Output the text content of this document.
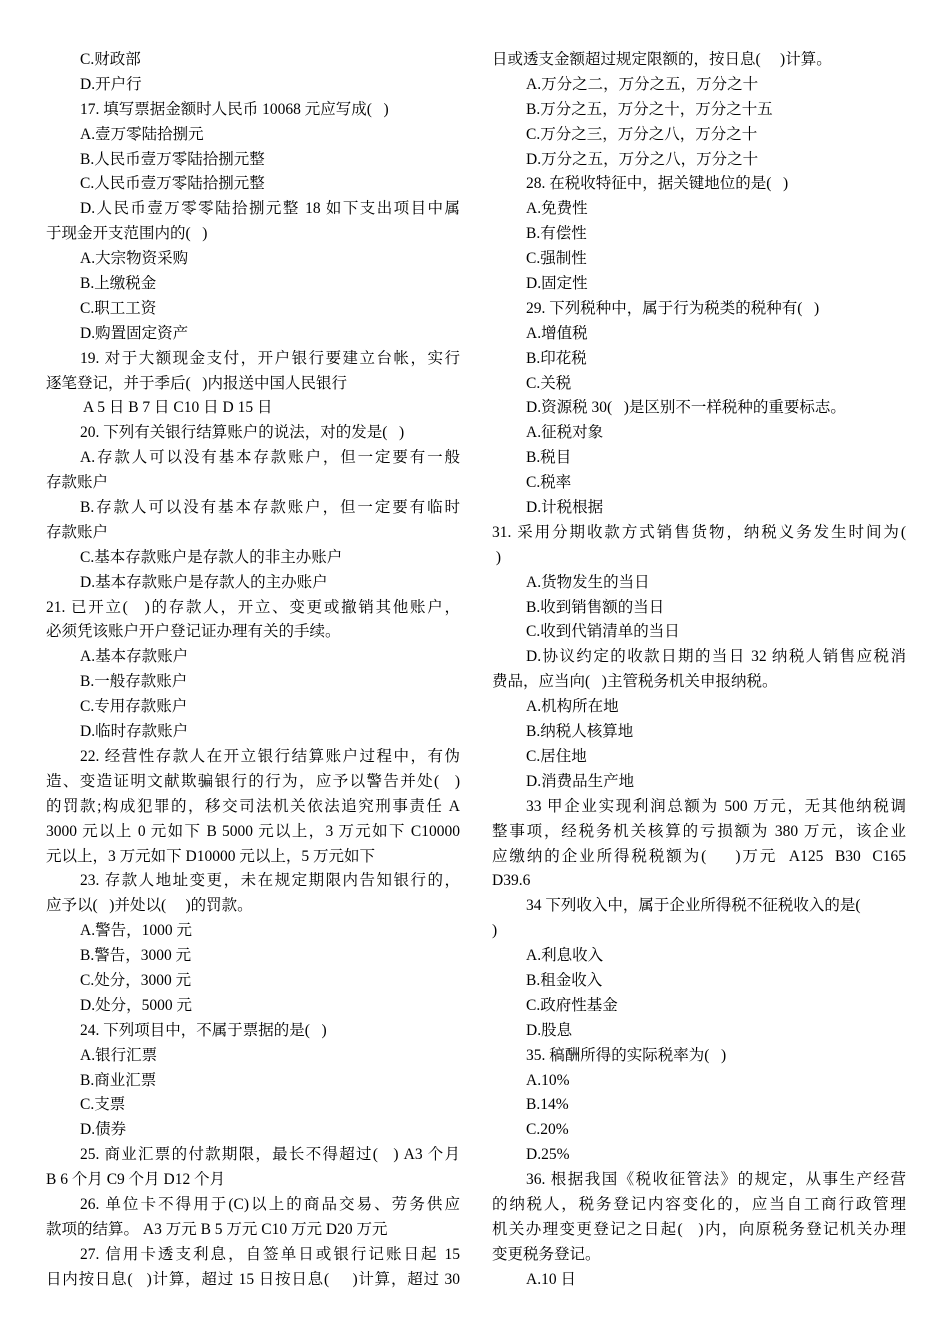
C.财政部
D.开户行
17. 填写票据金额时人民币 10068 元应写成(   )
A.壹万零陆拾捌元
B.人民币壹万零陆拾捌元整
C.人民币壹万零陆拾捌元整
D.人民币壹万零零陆拾捌元整 18 如下支出项目中属
于现金开支范围内的(   )
A.大宗物资采购
B.上缴税金
C.职工工资
D.购置固定资产
19. 对于大额现金支付，开户银行要建立台帐，实行
逐笔登记，并于季后(   )内报送中国人民银行
A 5 日 B 7 日 C10 日 D 15 日
20. 下列有关银行结算账户的说法，对的发是(   )
A.存款人可以没有基本存款账户，但一定要有一般
存款账户
B.存款人可以没有基本存款账户，但一定要有临时
存款账户
C.基本存款账户是存款人的非主办账户
D.基本存款账户是存款人的主办账户
21. 已开立(   )的存款人，开立、变更或撤销其他账户，
必须凭该账户开户登记证办理有关的手续。
A.基本存款账户
B.一般存款账户
C.专用存款账户
D.临时存款账户
22. 经营性存款人在开立银行结算账户过程中，有伪
造、变造证明文献欺骗银行的行为，应予以警告并处(   )
的罚款;构成犯罪的，移交司法机关依法追究刑事责任 A
3000 元以上 0 元如下 B 5000 元以上，3 万元如下 C10000
元以上，3 万元如下 D10000 元以上，5 万元如下
23. 存款人地址变更，未在规定期限内告知银行的，
应予以(   )并处以(     )的罚款。
A.警告，1000 元
B.警告，3000 元
C.处分，3000 元
D.处分，5000 元
24. 下列项目中，不属于票据的是(   )
A.银行汇票
B.商业汇票
C.支票
D.债券
25. 商业汇票的付款期限，最长不得超过(   ) A3 个月
B 6 个月 C9 个月 D12 个月
26. 单位卡不得用于(C)以上的商品交易、劳务供应
款项的结算。 A3 万元 B 5 万元 C10 万元 D20 万元
27. 信用卡透支利息，自签单日或银行记账日起 15
日内按日息(   )计算，超过 15 日按日息(     )计算，超过 30
日或透支金额超过规定限额的，按日息(     )计算。
A.万分之二，万分之五，万分之十
B.万分之五，万分之十，万分之十五
C.万分之三，万分之八，万分之十
D.万分之五，万分之八，万分之十
28. 在税收特征中，据关键地位的是(   )
A.免费性
B.有偿性
C.强制性
D.固定性
29. 下列税种中，属于行为税类的税种有(   )
A.增值税
B.印花税
C.关税
D.资源税 30(   )是区别不一样税种的重要标志。
A.征税对象
B.税目
C.税率
D.计税根据
31. 采用分期收款方式销售货物，纳税义务发生时间为(
)
A.货物发生的当日
B.收到销售额的当日
C.收到代销清单的当日
D.协议约定的收款日期的当日 32 纳税人销售应税消
费品，应当向(   )主管税务机关申报纳税。
A.机构所在地
B.纳税人核算地
C.居住地
D.消费品生产地
33 甲企业实现利润总额为 500 万元，无其他纳税调
整事项，经税务机关核算的亏损额为 380 万元，该企业
应缴纳的企业所得税税额为(     )万元  A125  B30  C165
D39.6
34 下列收入中，属于企业所得税不征税收入的是(
)
A.利息收入
B.租金收入
C.政府性基金
D.股息
35. 稿酬所得的实际税率为(   )
A.10%
B.14%
C.20%
D.25%
36. 根据我国《税收征管法》的规定，从事生产经营
的纳税人，税务登记内容变化的，应当自工商行政管理
机关办理变更登记之日起(   )内，向原税务登记机关办理
变更税务登记。
A.10 日
